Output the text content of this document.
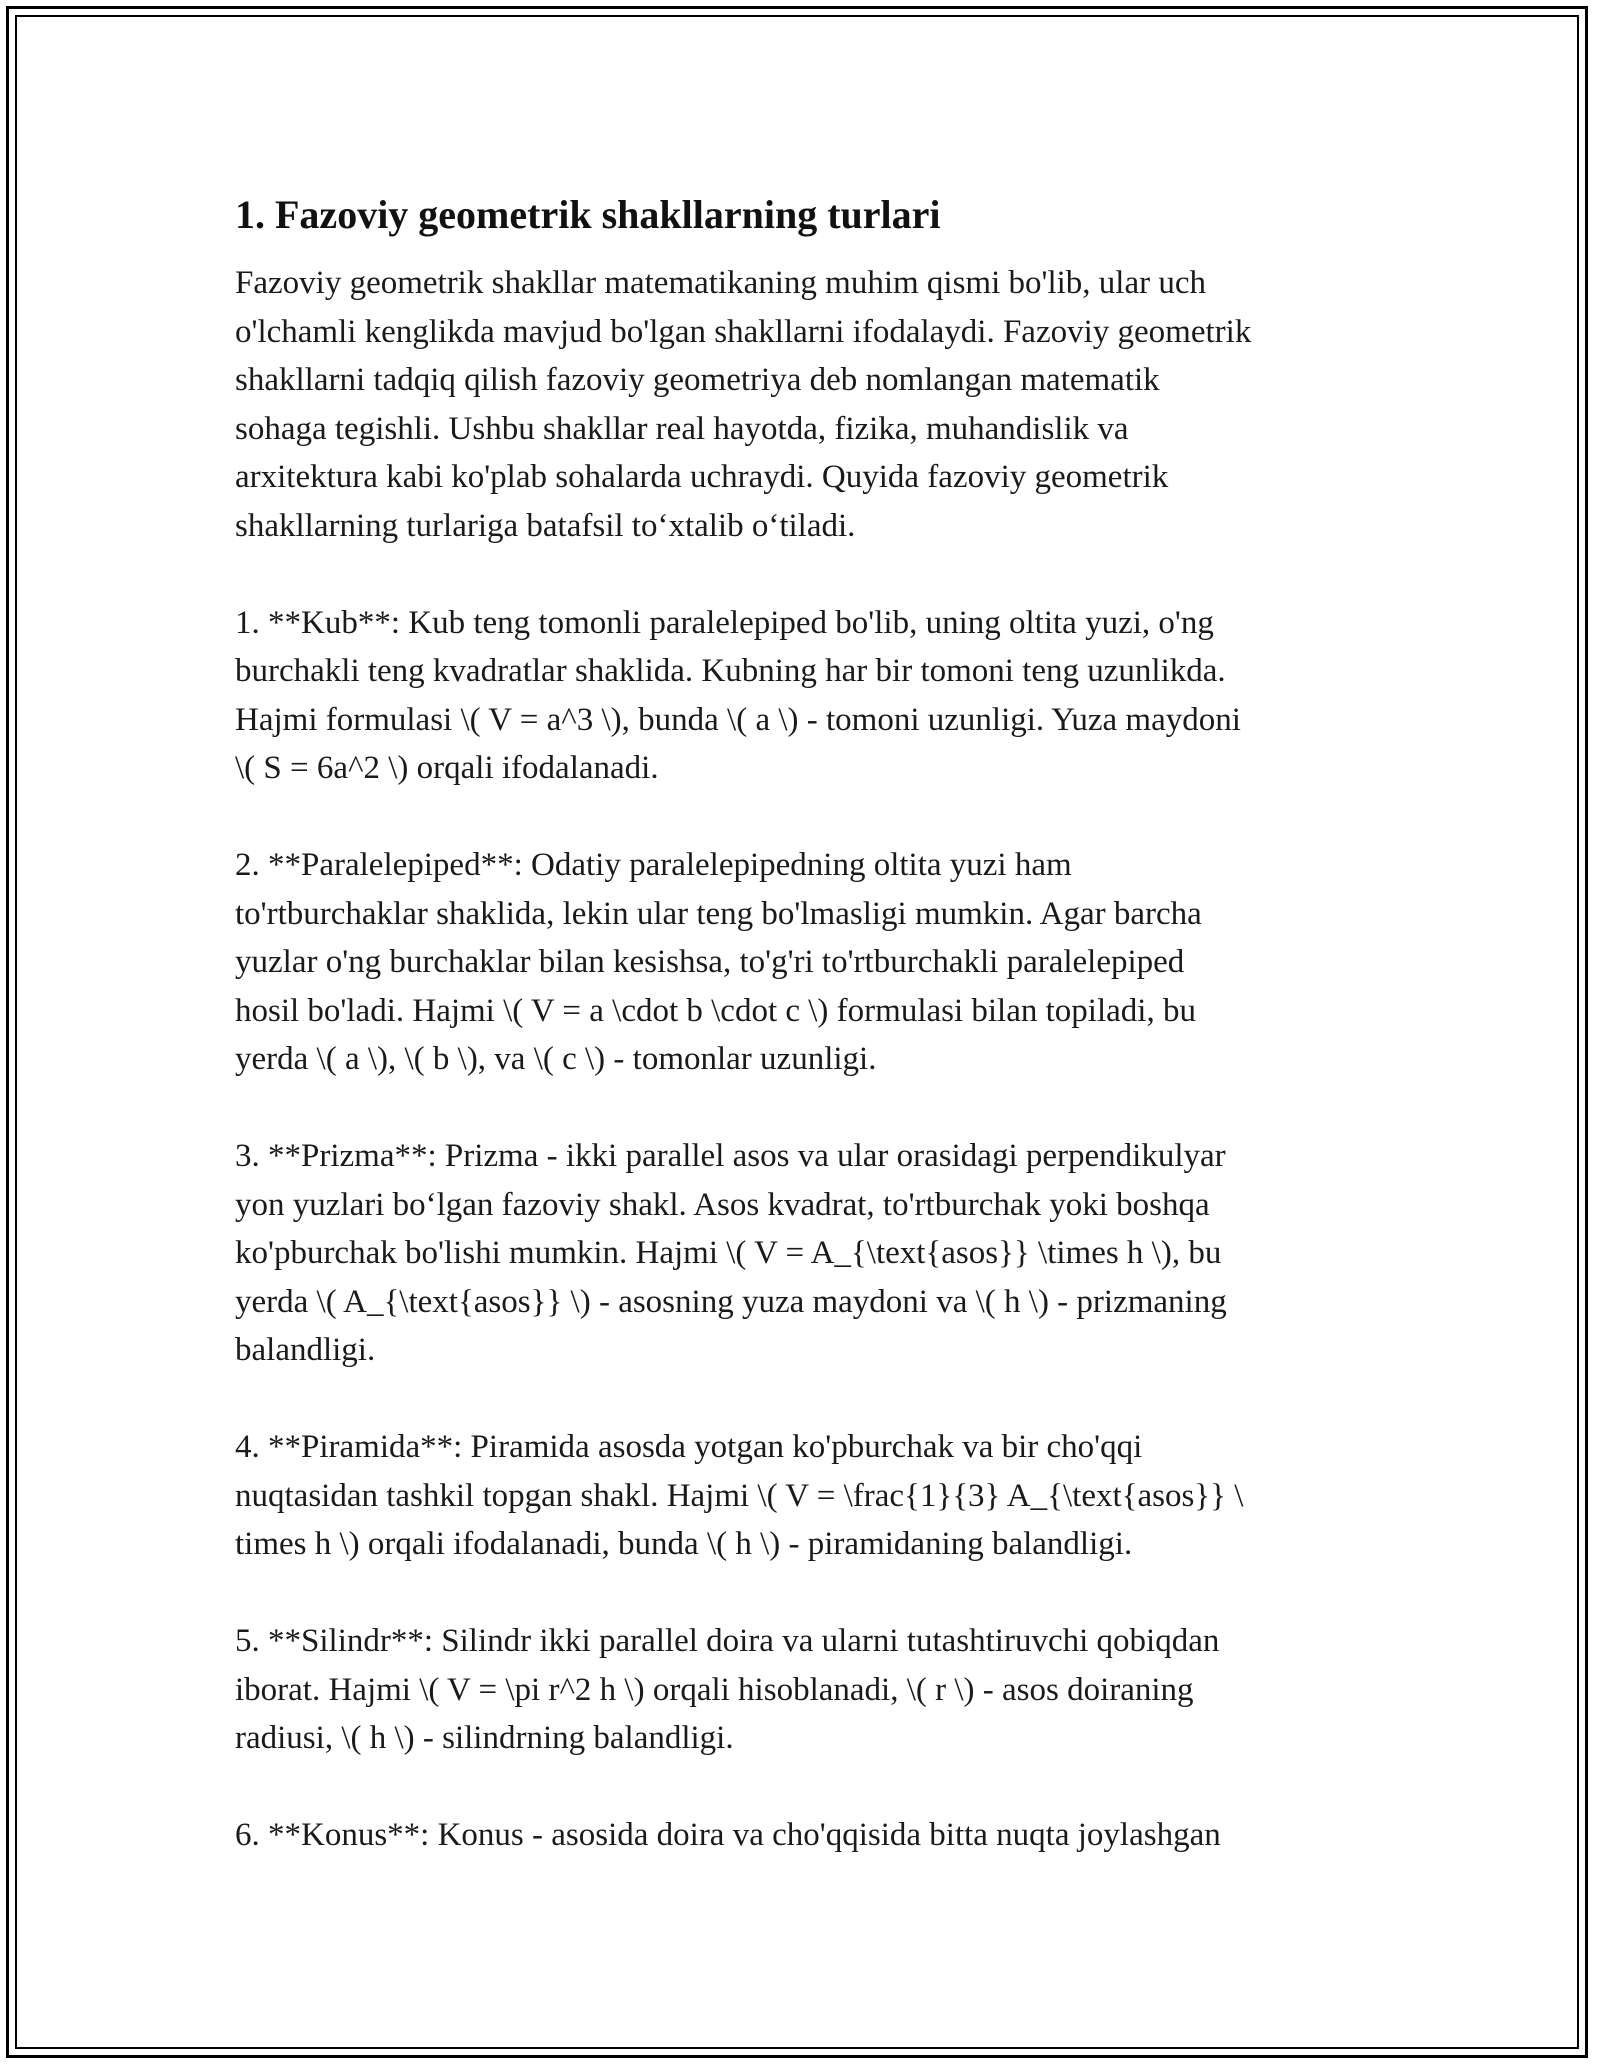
1. Fazoviy geometrik shakllarning turlari
Fazoviy geometrik shakllar matematikaning muhim qismi bo'lib, ular uch
o'lchamli kenglikda mavjud bo'lgan shakllarni ifodalaydi. Fazoviy geometrik
shakllarni tadqiq qilish fazoviy geometriya deb nomlangan matematik
sohaga tegishli. Ushbu shakllar real hayotda, fizika, muhandislik va
arxitektura kabi ko'plab sohalarda uchraydi. Quyida fazoviy geometrik
shakllarning turlariga batafsil to‘xtalib o‘tiladi.
1. **Kub**: Kub teng tomonli paralelepiped bo'lib, uning oltita yuzi, o'ng
burchakli teng kvadratlar shaklida. Kubning har bir tomoni teng uzunlikda.
Hajmi formulasi \( V = a^3 \), bunda \( a \) - tomoni uzunligi. Yuza maydoni
\( S = 6a^2 \) orqali ifodalanadi.
2. **Paralelepiped**: Odatiy paralelepipedning oltita yuzi ham
to'rtburchaklar shaklida, lekin ular teng bo'lmasligi mumkin. Agar barcha
yuzlar o'ng burchaklar bilan kesishsa, to'g'ri to'rtburchakli paralelepiped
hosil bo'ladi. Hajmi \( V = a \cdot b \cdot c \) formulasi bilan topiladi, bu
yerda \( a \), \( b \), va \( c \) - tomonlar uzunligi.
3. **Prizma**: Prizma - ikki parallel asos va ular orasidagi perpendikulyar
yon yuzlari bo‘lgan fazoviy shakl. Asos kvadrat, to'rtburchak yoki boshqa
ko'pburchak bo'lishi mumkin. Hajmi \( V = A_{\text{asos}} \times h \), bu
yerda \( A_{\text{asos}} \) - asosning yuza maydoni va \( h \) - prizmaning
balandligi.
4. **Piramida**: Piramida asosda yotgan ko'pburchak va bir cho'qqi
nuqtasidan tashkil topgan shakl. Hajmi \( V = \frac{1}{3} A_{\text{asos}} \
times h \) orqali ifodalanadi, bunda \( h \) - piramidaning balandligi.
5. **Silindr**: Silindr ikki parallel doira va ularni tutashtiruvchi qobiqdan
iborat. Hajmi \( V = \pi r^2 h \) orqali hisoblanadi, \( r \) - asos doiraning
radiusi, \( h \) - silindrning balandligi.
6. **Konus**: Konus - asosida doira va cho'qqisida bitta nuqta joylashgan
